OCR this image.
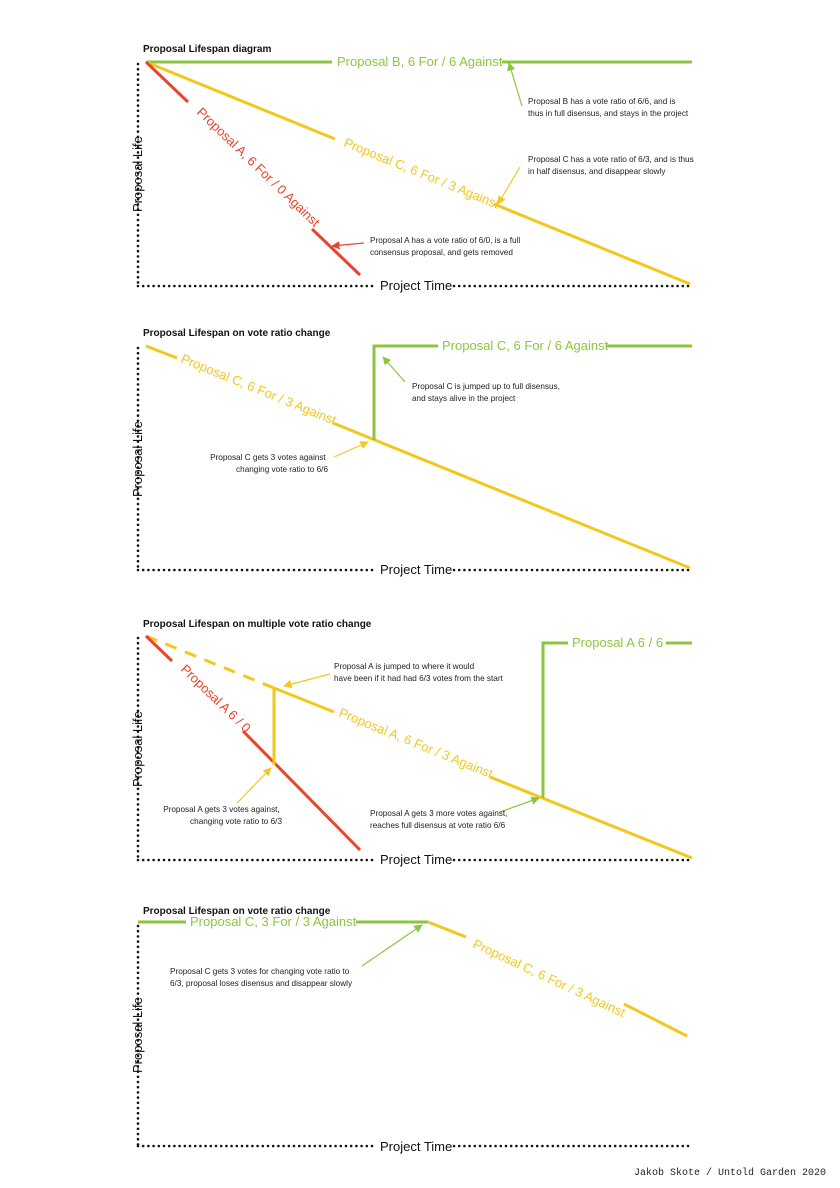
Proposal Lifespan diagram
Project Time
Proposal Life
Proposal B, 6 For / 6 Against
Proposal C, 6 For / 3 Against
Proposal A, 6 For / 0 Against
Proposal B has a vote ratio of 6/6, and is thus in full disensus, and stays in the project
Proposal C has a vote ratio of 6/3, and is thus in half disensus, and disappear slowly
Proposal A has a vote ratio of 6/0, is a full consensus proposal, and gets removed
Proposal Lifespan on vote ratio change
Project Time
Proposal Life
Proposal C, 6 For / 3 Against
Proposal C, 6 For / 6 Against
Proposal C is jumped up to full disensus, and stays alive in the project
Proposal C gets 3 votes against changing vote ratio to 6/6
Proposal Lifespan on multiple vote ratio change
Project Time
Proposal Life
Proposal A 6 / 0
Proposal A, 6 For / 3 Against
Proposal A 6 / 6
Proposal A is jumped to where it would have been if it had had 6/3 votes from the start
Proposal A gets 3 votes against, changing vote ratio to 6/3
Proposal A gets 3 more votes against, reaches full disensus at vote ratio 6/6
Proposal Lifespan on vote ratio change
Project Time
Proposal Life
Proposal C, 3 For / 3 Against
Proposal C, 6 For / 3 Against
Proposal C gets 3 votes for changing vote ratio to 6/3, proposal loses disensus and disappear slowly
Jakob Skote / Untold Garden 2020
